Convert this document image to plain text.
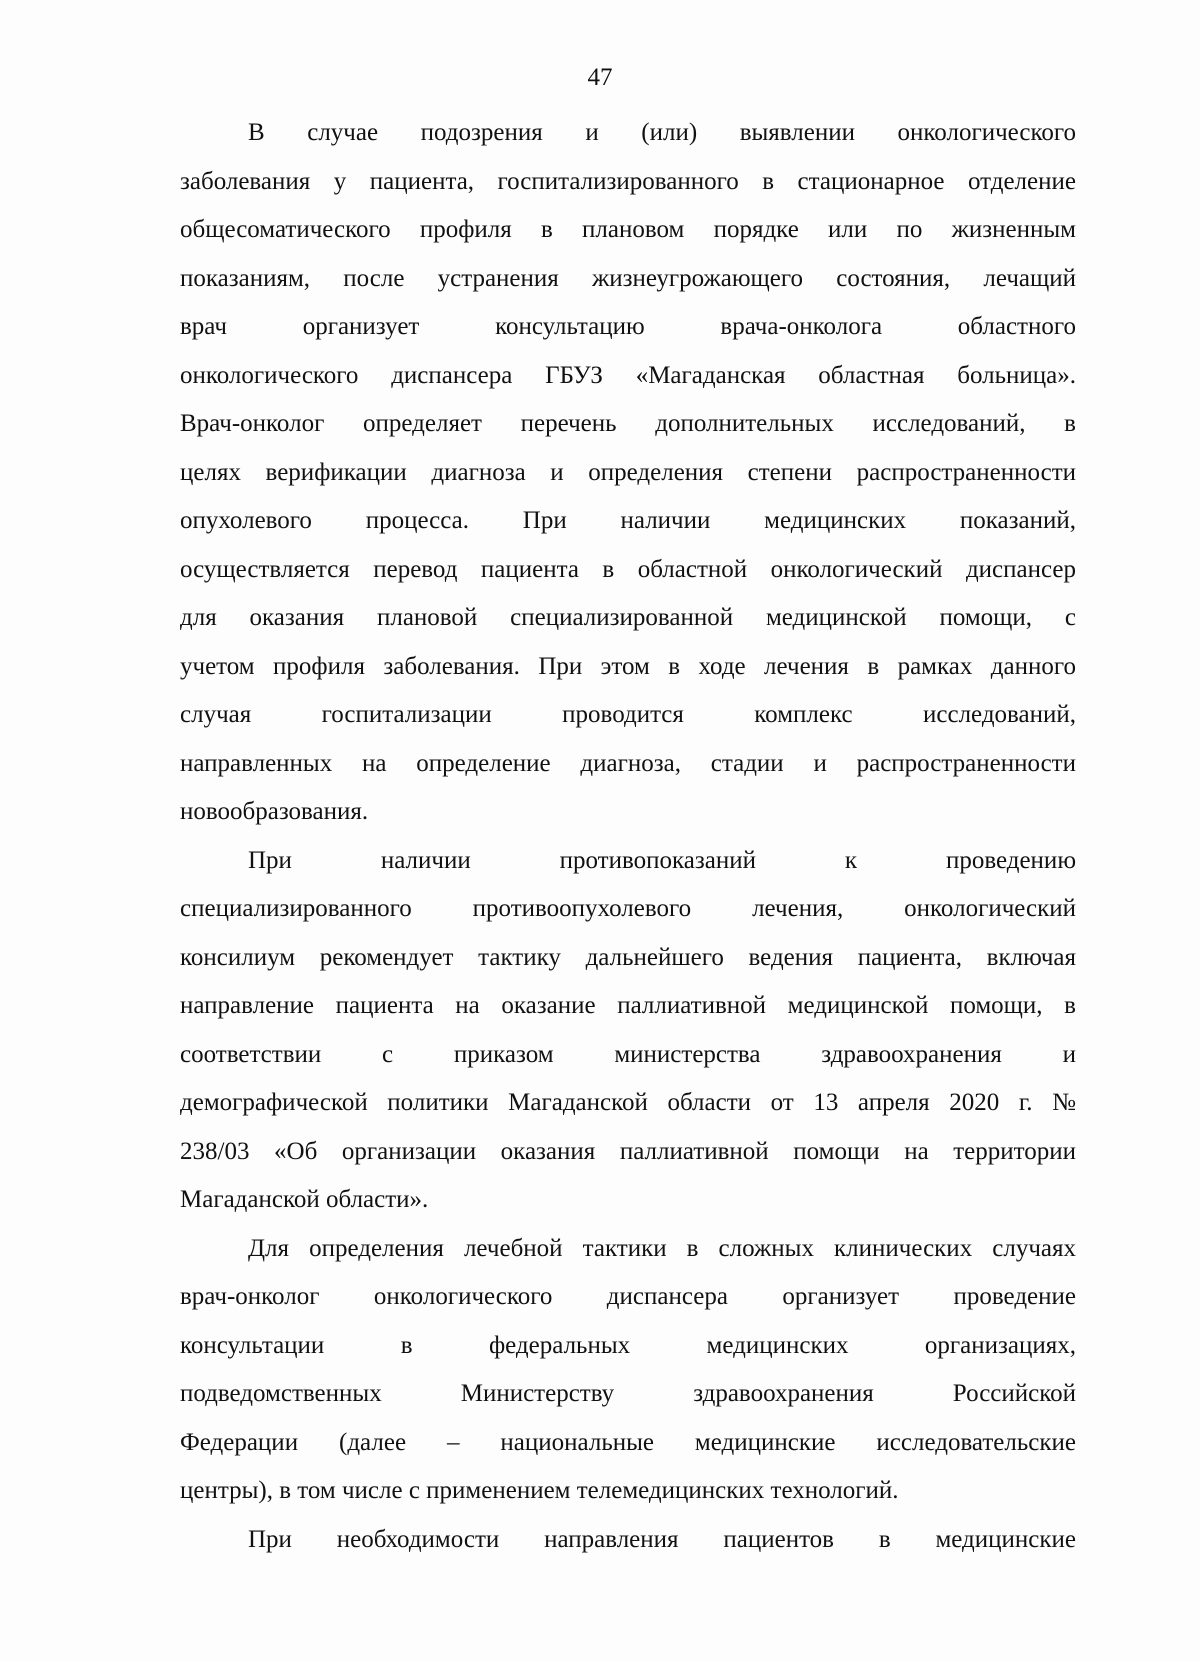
47

В случае подозрения и (или) выявлении онкологического
заболевания у пациента, госпитализированного в стационарное отделение
общесоматического профиля в плановом порядке или по жизненным
показаниям, после устранения жизнеугрожающего состояния, лечащий
врач организует консультацию врача-онколога областного
онкологического диспансера ГБУЗ «Магаданская областная больница».
Врач-онколог определяет перечень дополнительных исследований, в
целях верификации диагноза и определения степени распространенности
опухолевого процесса. При наличии медицинских показаний,
осуществляется перевод пациента в областной онкологический диспансер
для оказания плановой специализированной медицинской помощи, с
учетом профиля заболевания. При этом в ходе лечения в рамках данного
случая госпитализации проводится комплекс исследований,
направленных на определение диагноза, стадии и распространенности
новообразования.

При наличии противопоказаний к проведению
специализированного противоопухолевого лечения, онкологический
консилиум рекомендует тактику дальнейшего ведения пациента, включая
направление пациента на оказание паллиативной медицинской помощи, в
соответствии с приказом министерства здравоохранения и
демографической политики Магаданской области от 13 апреля 2020 г. №
238/03 «Об организации оказания паллиативной помощи на территории
Магаданской области».

Для определения лечебной тактики в сложных клинических случаях
врач-онколог онкологического диспансера организует проведение
консультации в федеральных медицинских организациях,
подведомственных Министерству здравоохранения Российской
Федерации (далее – национальные медицинские исследовательские
центры), в том числе с применением телемедицинских технологий.

При необходимости направления пациентов в медицинские
